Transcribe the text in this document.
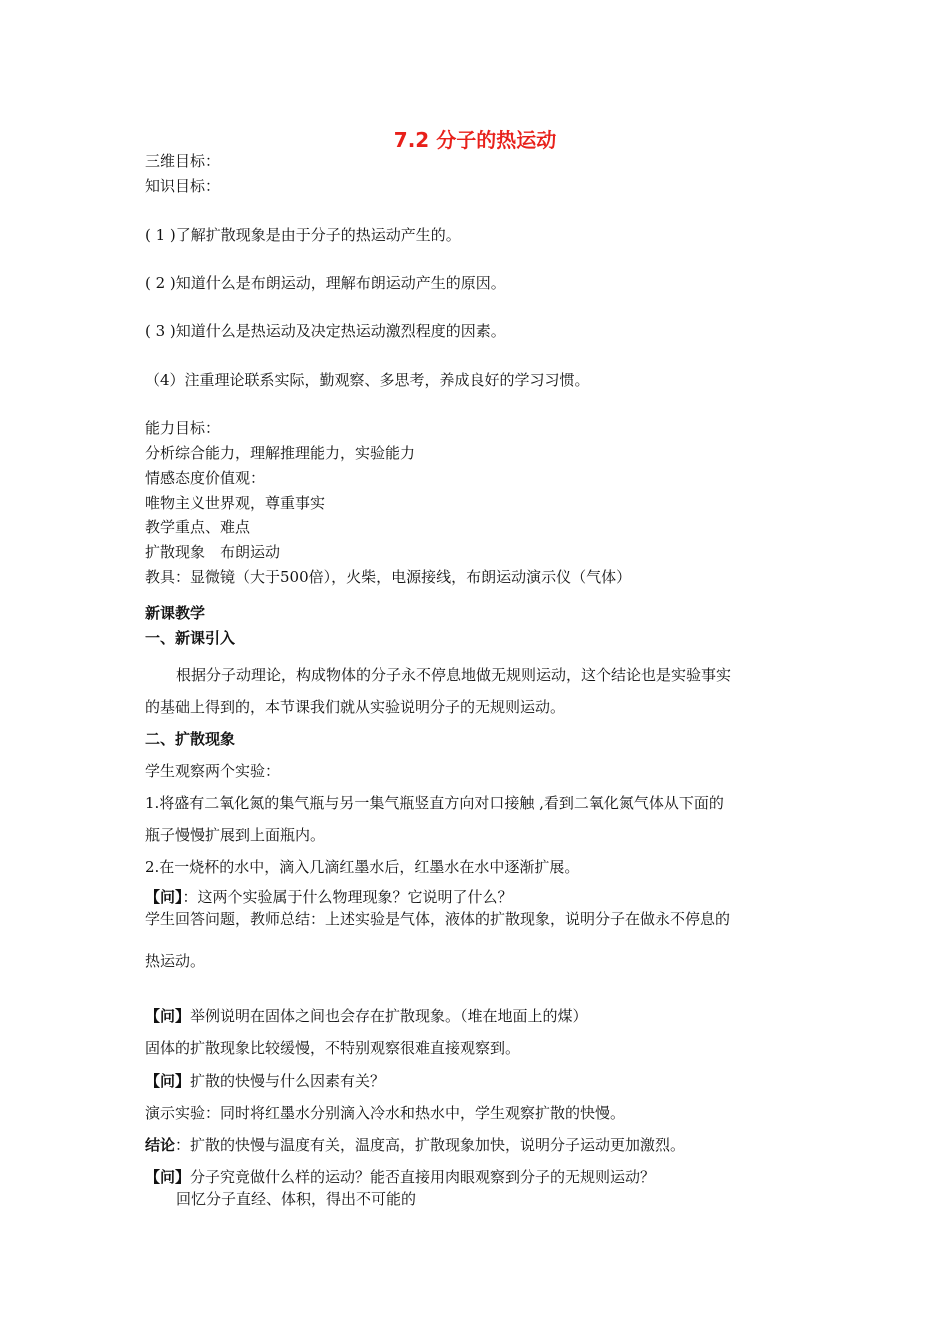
7.2 分子的热运动
三维目标：
知识目标：
( 1 )了解扩散现象是由于分子的热运动产生的。
( 2 )知道什么是布朗运动，理解布朗运动产生的原因。
( 3 )知道什么是热运动及决定热运动激烈程度的因素。
（4）注重理论联系实际，勤观察、多思考，养成良好的学习习惯。
能力目标：
分析综合能力，理解推理能力，实验能力
情感态度价值观：
唯物主义世界观，尊重事实
教学重点、难点
扩散现象　布朗运动
教具：显微镜（大于500倍），火柴，电源接线，布朗运动演示仪（气体）
新课教学
一、新课引入
根据分子动理论，构成物体的分子永不停息地做无规则运动，这个结论也是实验事实
的基础上得到的，本节课我们就从实验说明分子的无规则运动。
二、扩散现象
学生观察两个实验：
1.将盛有二氧化氮的集气瓶与另一集气瓶竖直方向对口接触 ,看到二氧化氮气体从下面的
瓶子慢慢扩展到上面瓶内。
2.在一烧杯的水中，滴入几滴红墨水后，红墨水在水中逐渐扩展。
【问】：这两个实验属于什么物理现象？它说明了什么？
学生回答问题，教师总结：上述实验是气体，液体的扩散现象，说明分子在做永不停息的
热运动。
【问】举例说明在固体之间也会存在扩散现象。（堆在地面上的煤）
固体的扩散现象比较缓慢，不特别观察很难直接观察到。
【问】扩散的快慢与什么因素有关？
演示实验：同时将红墨水分别滴入冷水和热水中，学生观察扩散的快慢。
结论：扩散的快慢与温度有关，温度高，扩散现象加快，说明分子运动更加激烈。
【问】分子究竟做什么样的运动？能否直接用肉眼观察到分子的无规则运动？
回忆分子直经、体积，得出不可能的
